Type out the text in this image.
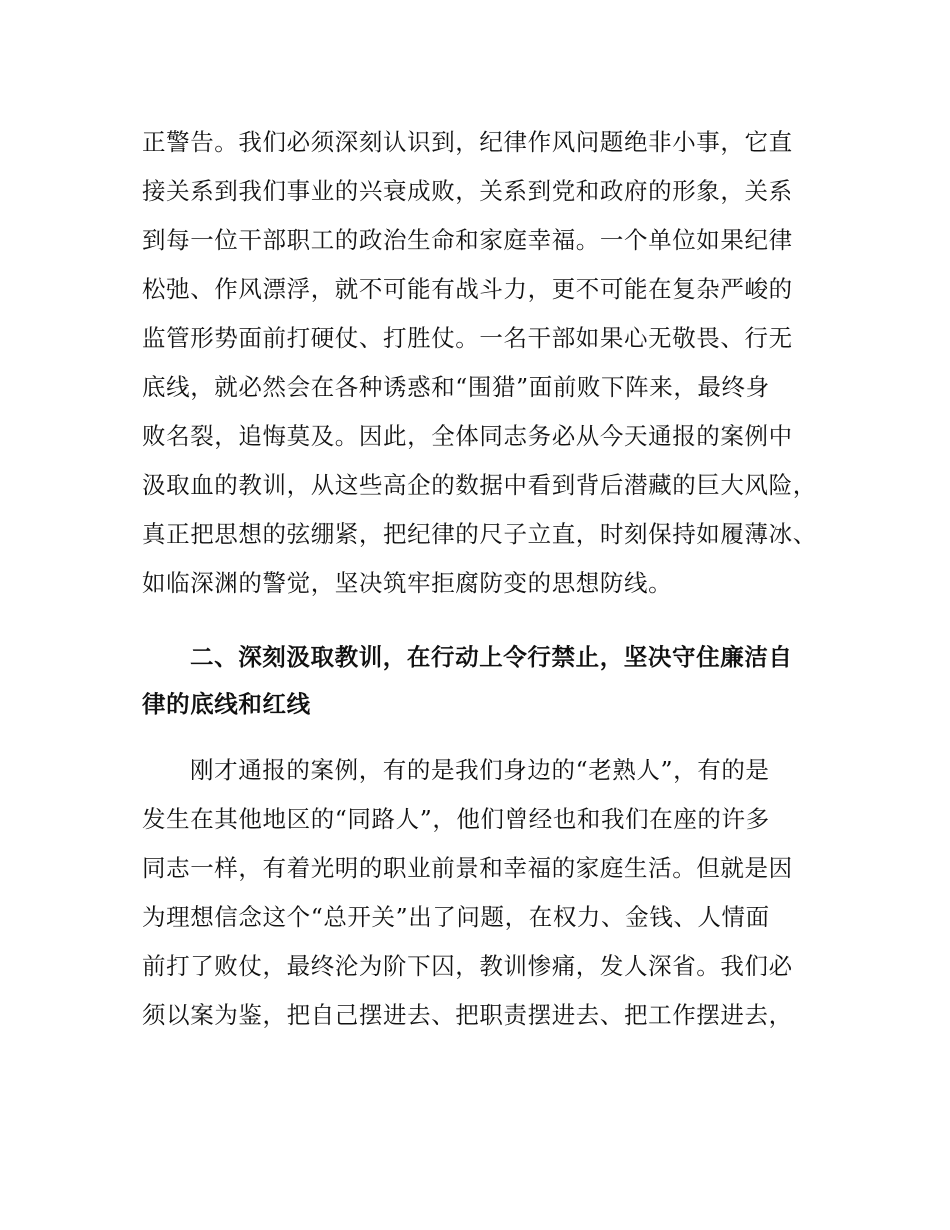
正警告。我们必须深刻认识到，纪律作风问题绝非小事，它直
接关系到我们事业的兴衰成败，关系到党和政府的形象，关系
到每一位干部职工的政治生命和家庭幸福。一个单位如果纪律
松弛、作风漂浮，就不可能有战斗力，更不可能在复杂严峻的
监管形势面前打硬仗、打胜仗。一名干部如果心无敬畏、行无
底线，就必然会在各种诱惑和“围猎”面前败下阵来，最终身
败名裂，追悔莫及。因此，全体同志务必从今天通报的案例中
汲取血的教训，从这些高企的数据中看到背后潜藏的巨大风险，
真正把思想的弦绷紧，把纪律的尺子立直，时刻保持如履薄冰、
如临深渊的警觉，坚决筑牢拒腐防变的思想防线。
二、深刻汲取教训，在行动上令行禁止，坚决守住廉洁自
律的底线和红线
刚才通报的案例，有的是我们身边的“老熟人”，有的是
发生在其他地区的“同路人”，他们曾经也和我们在座的许多
同志一样，有着光明的职业前景和幸福的家庭生活。但就是因
为理想信念这个“总开关”出了问题，在权力、金钱、人情面
前打了败仗，最终沦为阶下囚，教训惨痛，发人深省。我们必
须以案为鉴，把自己摆进去、把职责摆进去、把工作摆进去，
